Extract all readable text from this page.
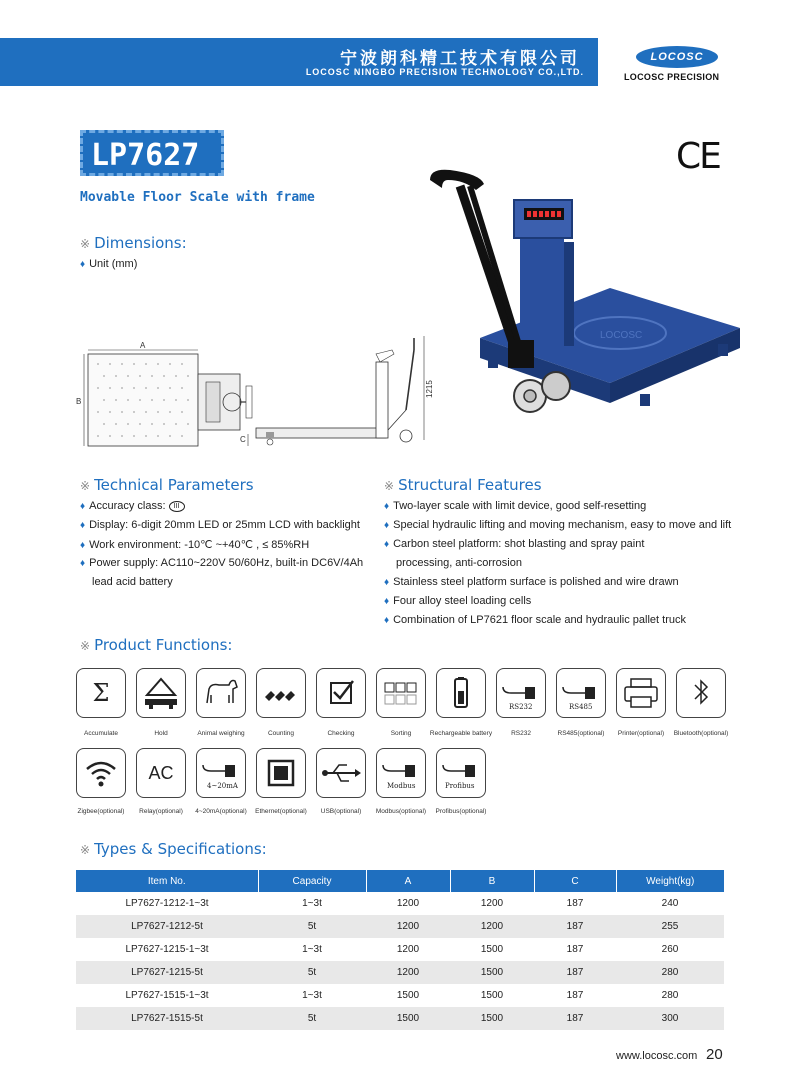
宁波朗科精工技术有限公司
LOCOSC NINGBO PRECISION TECHNOLOGY CO.,LTD.
LOCOSC
LOCOSC PRECISION
LP7627
Movable Floor Scale with frame
CE
※ Dimensions:
♦ Unit (mm)
A
B
C
1215
LOCOSC
※ Technical Parameters
♦ Accuracy class: III
♦ Display: 6-digit 20mm LED or 25mm LCD with backlight
♦ Work environment: -10℃ ~+40℃ , ≤ 85%RH
♦ Power supply: AC110~220V 50/60Hz, built-in DC6V/4Ah
lead acid battery
※ Structural Features
♦ Two-layer scale with limit device, good self-resetting
♦ Special hydraulic lifting and moving mechanism, easy to move and lift
♦ Carbon steel platform: shot blasting and spray paint
processing, anti-corrosion
♦ Stainless steel platform surface is polished and wire drawn
♦ Four alloy steel loading cells
♦ Combination of LP7621 floor scale and hydraulic pallet truck
※ Product Functions:
Σ	RS232	RS485
Accumulate	Hold	Animal weighing	Counting	Checking	Sorting	Rechargeable battery	RS232	RS485(optional)	Printer(optional)	Bluetooth(optional)
AC
4~20mA	Modbus	Profibus
Zigbee(optional)	Relay(optional)	4~20mA(optional)	Ethernet(optional)	USB(optional)	Modbus(optional)	Profibus(optional)
※ Types & Specifications:
Item No.	Capacity	A	B	C	Weight(kg)
LP7627-1212-1~3t	1~3t	1200	1200	187	240
LP7627-1212-5t	5t	1200	1200	187	255
LP7627-1215-1~3t	1~3t	1200	1500	187	260
LP7627-1215-5t	5t	1200	1500	187	280
LP7627-1515-1~3t	1~3t	1500	1500	187	280
LP7627-1515-5t	5t	1500	1500	187	300
www.locosc.com 20
